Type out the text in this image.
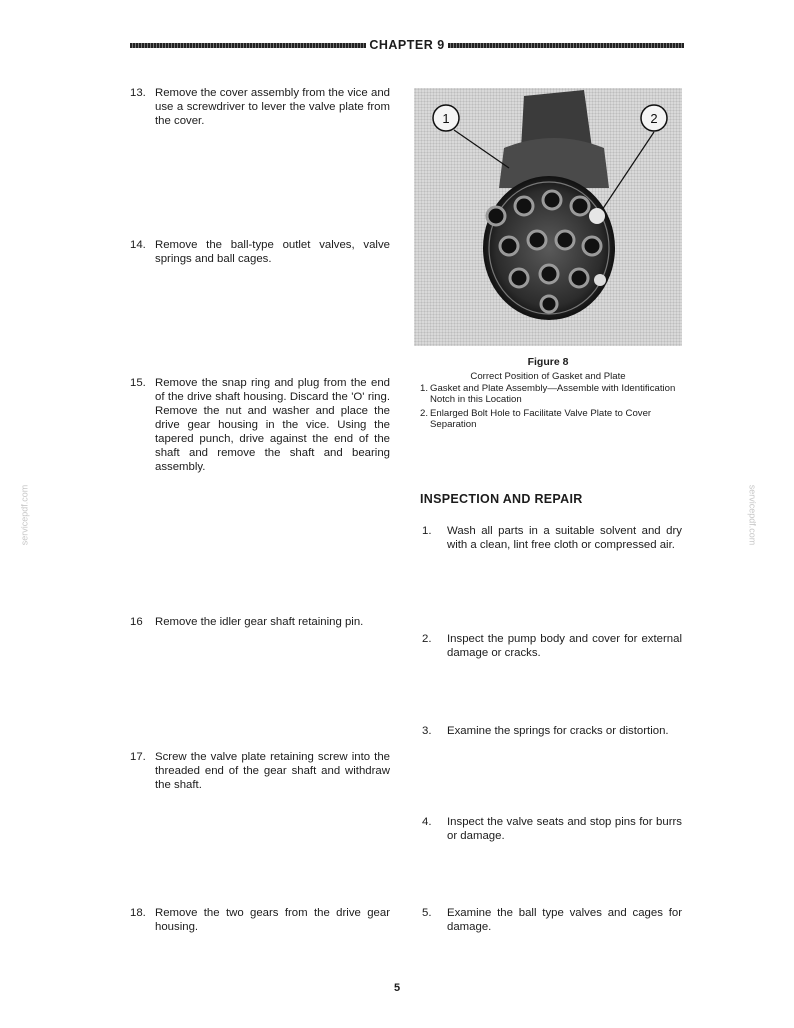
CHAPTER 9
13. Remove the cover assembly from the vice and use a screwdriver to lever the valve plate from the cover.
14. Remove the ball-type outlet valves, valve springs and ball cages.
15. Remove the snap ring and plug from the end of the drive shaft housing. Discard the 'O' ring. Remove the nut and washer and place the drive gear housing in the vice. Using the tapered punch, drive against the end of the shaft and remove the shaft and bearing assembly.
16 Remove the idler gear shaft retaining pin.
17. Screw the valve plate retaining screw into the threaded end of the gear shaft and withdraw the shaft.
18. Remove the two gears from the drive gear housing.
1	2
Figure 8
Correct Position of Gasket and Plate
1. Gasket and Plate Assembly—Assemble with Identification Notch in this Location
2. Enlarged Bolt Hole to Facilitate Valve Plate to Cover Separation
INSPECTION AND REPAIR
1. Wash all parts in a suitable solvent and dry with a clean, lint free cloth or compressed air.
2. Inspect the pump body and cover for external damage or cracks.
3. Examine the springs for cracks or distortion.
4. Inspect the valve seats and stop pins for burrs or damage.
5. Examine the ball type valves and cages for damage.
5
servicepdf.com	servicepdf.com
